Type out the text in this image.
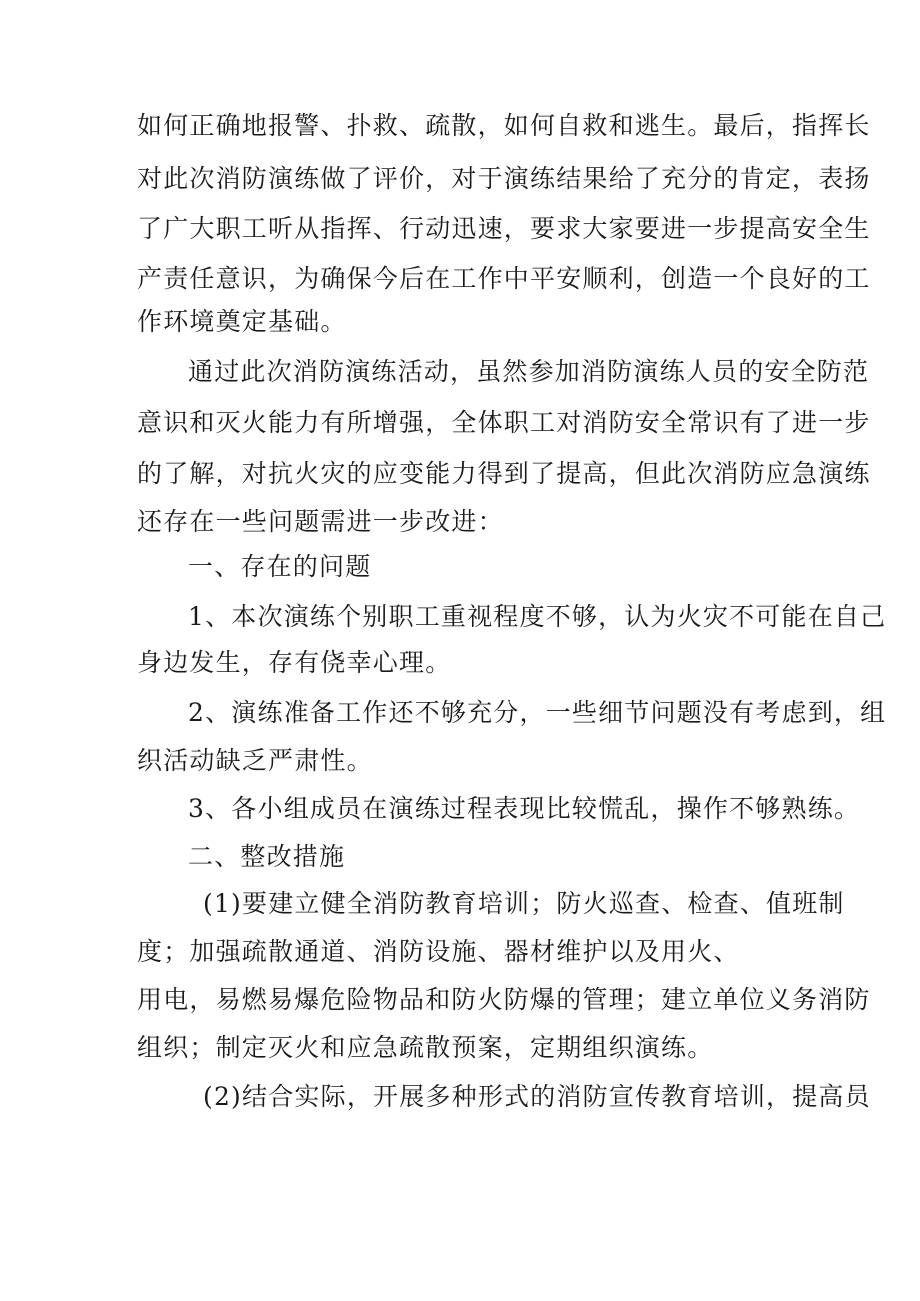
如何正确地报警、扑救、疏散，如何自救和逃生。最后，指挥长
对此次消防演练做了评价，对于演练结果给了充分的肯定，表扬
了广大职工听从指挥、行动迅速，要求大家要进一步提高安全生
产责任意识，为确保今后在工作中平安顺利，创造一个良好的工
作环境奠定基础。
通过此次消防演练活动，虽然参加消防演练人员的安全防范
意识和灭火能力有所增强，全体职工对消防安全常识有了进一步
的了解，对抗火灾的应变能力得到了提高，但此次消防应急演练
还存在一些问题需进一步改进：
一、存在的问题
1、本次演练个别职工重视程度不够，认为火灾不可能在自己
身边发生，存有侥幸心理。
2、演练准备工作还不够充分，一些细节问题没有考虑到，组
织活动缺乏严肃性。
3、各小组成员在演练过程表现比较慌乱，操作不够熟练。
二、整改措施
(1)要建立健全消防教育培训；防火巡查、检查、值班制
度；加强疏散通道、消防设施、器材维护以及用火、
用电，易燃易爆危险物品和防火防爆的管理；建立单位义务消防
组织；制定灭火和应急疏散预案，定期组织演练。
(2)结合实际，开展多种形式的消防宣传教育培训，提高员
